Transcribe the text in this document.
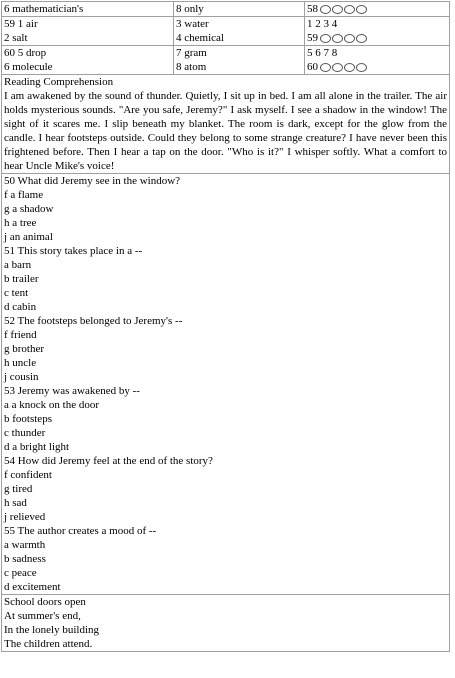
6 mathematician's	8 only	58
59 1 air
2 salt
3 water
4 chemical
1 2 3 4
59
60 5 drop
6 molecule
7 gram
8 atom
5 6 7 8
60
Reading Comprehension
I am awakened by the sound of thunder. Quietly, I sit up in bed. I am all alone in the trailer. The air holds mysterious sounds. "Are you safe, Jeremy?" I ask myself. I see a shadow in the window! The sight of it scares me. I slip beneath my blanket. The room is dark, except for the glow from the candle. I hear footsteps outside. Could they belong to some strange creature? I have never been this frightened before. Then I hear a tap on the door. "Who is it?" I whisper softly. What a comfort to hear Uncle Mike's voice!
50 What did Jeremy see in the window?
f a flame
g a shadow
h a tree
j an animal
51 This story takes place in a --
a barn
b trailer
c tent
d cabin
52 The footsteps belonged to Jeremy's --
f friend
g brother
h uncle
j cousin
53 Jeremy was awakened by --
a a knock on the door
b footsteps
c thunder
d a bright light
54 How did Jeremy feel at the end of the story?
f confident
g tired
h sad
j relieved
55 The author creates a mood of --
a warmth
b sadness
c peace
d excitement
School doors open
At summer's end,
In the lonely building
The children attend.
